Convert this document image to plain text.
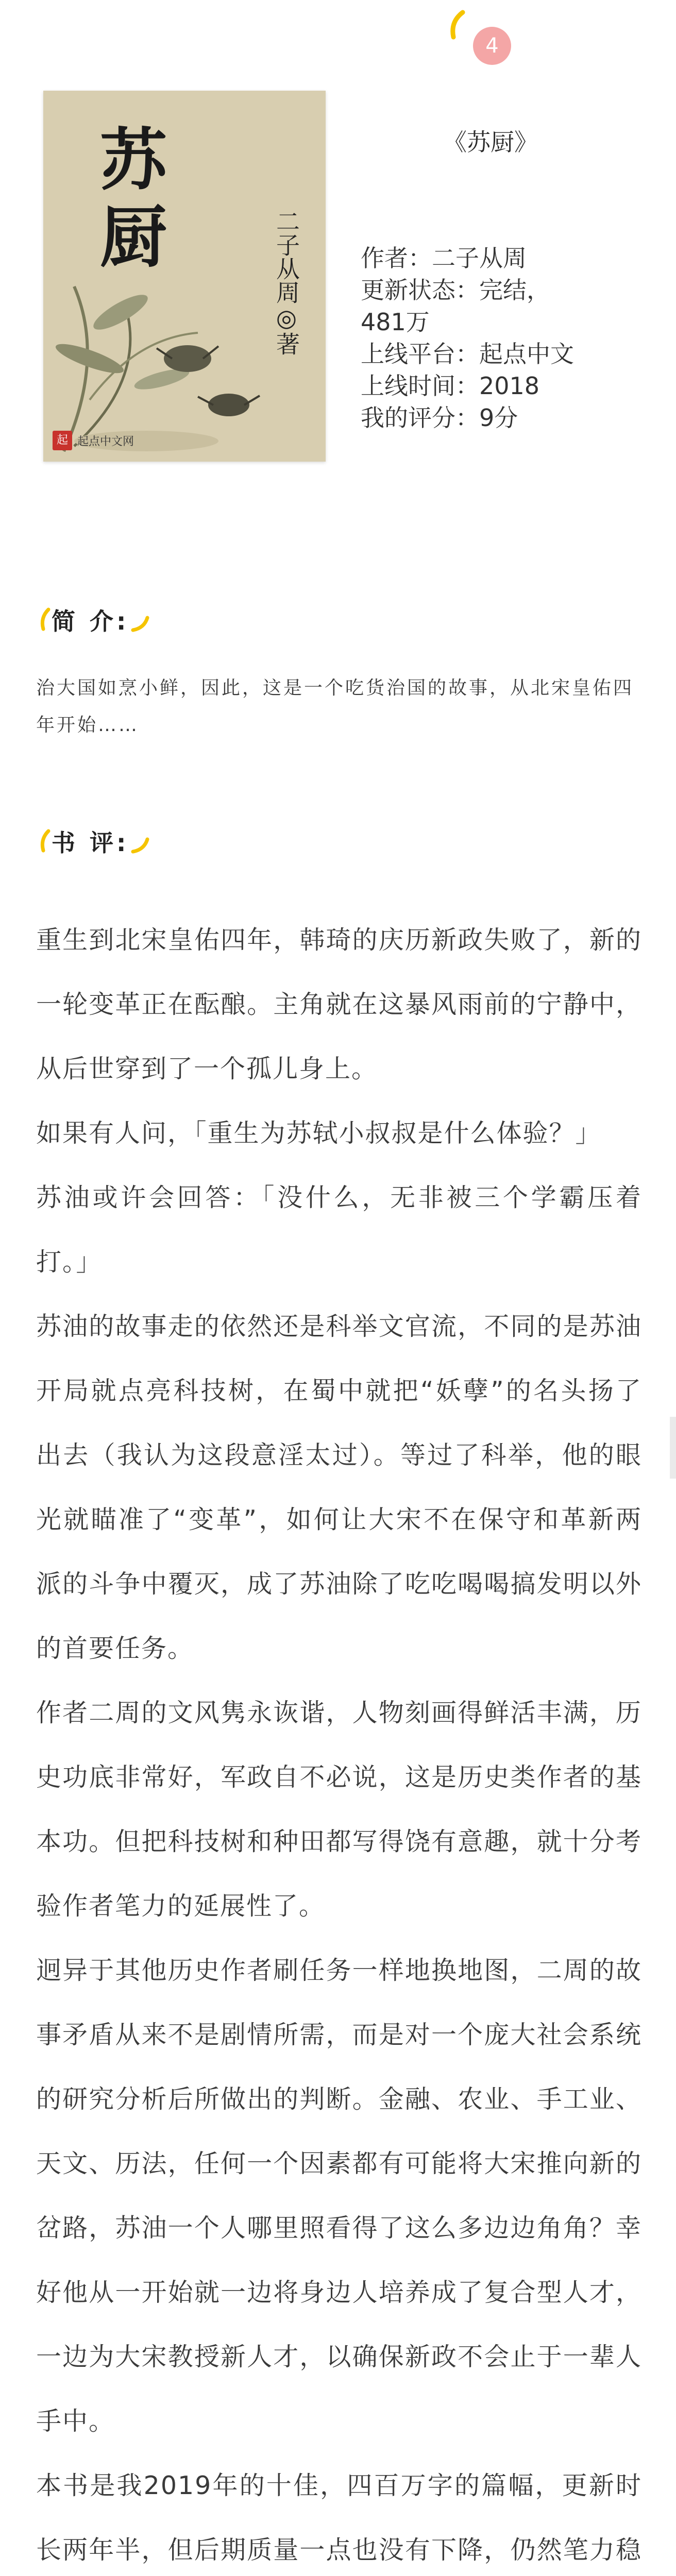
4
苏厨	二子从周◎著
起 起点中文网
《苏厨》
作者：二子从周
更新状态：完结，
481万
上线平台：起点中文
上线时间：2018
我的评分：9分
简 介:
治大国如烹小鲜，因此，这是一个吃货治国的故事，从北宋皇佑四年开始……
书 评:

重生到北宋皇佑四年，韩琦的庆历新政失败了，新的一轮变革正在酝酿。主角就在这暴风雨前的宁静中，从后世穿到了一个孤儿身上。

如果有人问，「重生为苏轼小叔叔是什么体验？」

苏油或许会回答：「没什么，无非被三个学霸压着打。」

苏油的故事走的依然还是科举文官流，不同的是苏油开局就点亮科技树，在蜀中就把“妖孽”的名头扬了出去（我认为这段意淫太过）。等过了科举，他的眼光就瞄准了“变革”，如何让大宋不在保守和革新两派的斗争中覆灭，成了苏油除了吃吃喝喝搞发明以外的首要任务。

作者二周的文风隽永诙谐，人物刻画得鲜活丰满，历史功底非常好，军政自不必说，这是历史类作者的基本功。但把科技树和种田都写得饶有意趣，就十分考验作者笔力的延展性了。

迥异于其他历史作者刷任务一样地换地图，二周的故事矛盾从来不是剧情所需，而是对一个庞大社会系统的研究分析后所做出的判断。金融、农业、手工业、天文、历法，任何一个因素都有可能将大宋推向新的岔路，苏油一个人哪里照看得了这么多边边角角？幸好他从一开始就一边将身边人培养成了复合型人才，一边为大宋教授新人才，以确保新政不会止于一辈人手中。

本书是我2019年的十佳，四百万字的篇幅，更新时长两年半，但后期质量一点也没有下降，仍然笔力稳
